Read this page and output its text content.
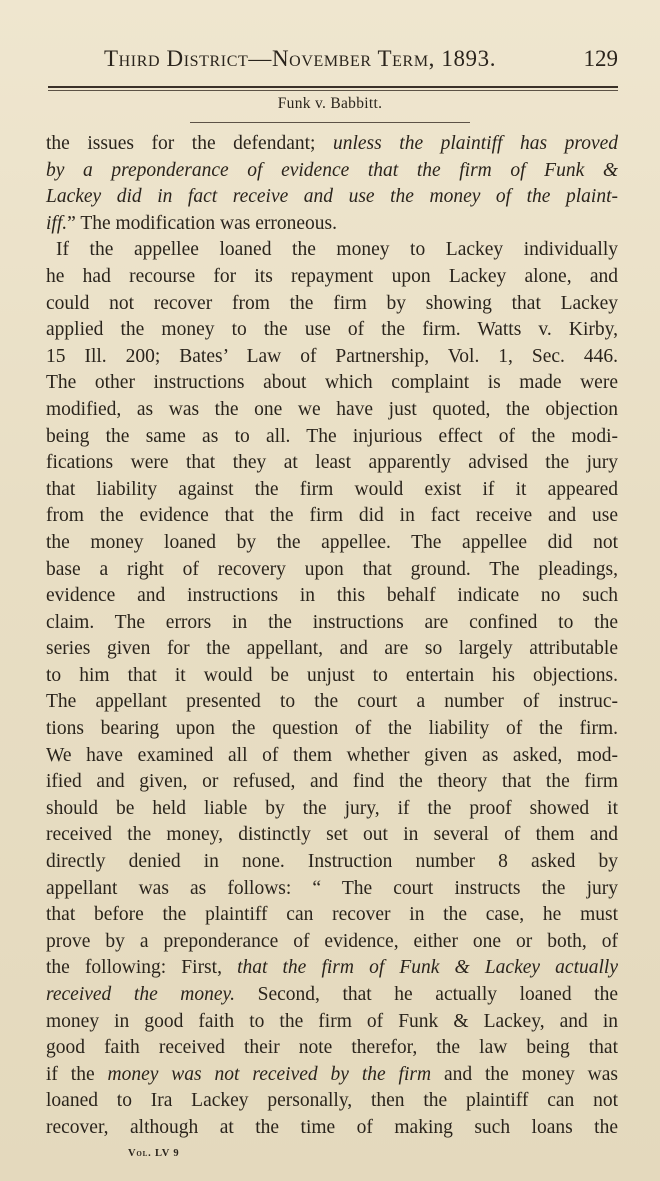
Third District—November Term, 1893.	129
Funk v. Babbitt.
the issues for the defendant; unless the plaintiff has proved
by a preponderance of evidence that the firm of Funk &
Lackey did in fact receive and use the money of the plaint-
iff.” The modification was erroneous.
If the appellee loaned the money to Lackey individually
he had recourse for its repayment upon Lackey alone, and
could not recover from the firm by showing that Lackey
applied the money to the use of the firm. Watts v. Kirby,
15 Ill. 200; Bates’ Law of Partnership, Vol. 1, Sec. 446.
The other instructions about which complaint is made were
modified, as was the one we have just quoted, the objection
being the same as to all. The injurious effect of the modi-
fications were that they at least apparently advised the jury
that liability against the firm would exist if it appeared
from the evidence that the firm did in fact receive and use
the money loaned by the appellee. The appellee did not
base a right of recovery upon that ground. The pleadings,
evidence and instructions in this behalf indicate no such
claim. The errors in the instructions are confined to the
series given for the appellant, and are so largely attributable
to him that it would be unjust to entertain his objections.
The appellant presented to the court a number of instruc-
tions bearing upon the question of the liability of the firm.
We have examined all of them whether given as asked, mod-
ified and given, or refused, and find the theory that the firm
should be held liable by the jury, if the proof showed it
received the money, distinctly set out in several of them and
directly denied in none. Instruction number 8 asked by
appellant was as follows: “ The court instructs the jury
that before the plaintiff can recover in the case, he must
prove by a preponderance of evidence, either one or both, of
the following: First, that the firm of Funk & Lackey actually
received the money. Second, that he actually loaned the
money in good faith to the firm of Funk & Lackey, and in
good faith received their note therefor, the law being that
if the money was not received by the firm and the money was
loaned to Ira Lackey personally, then the plaintiff can not
recover, although at the time of making such loans the
Vol. LV 9
